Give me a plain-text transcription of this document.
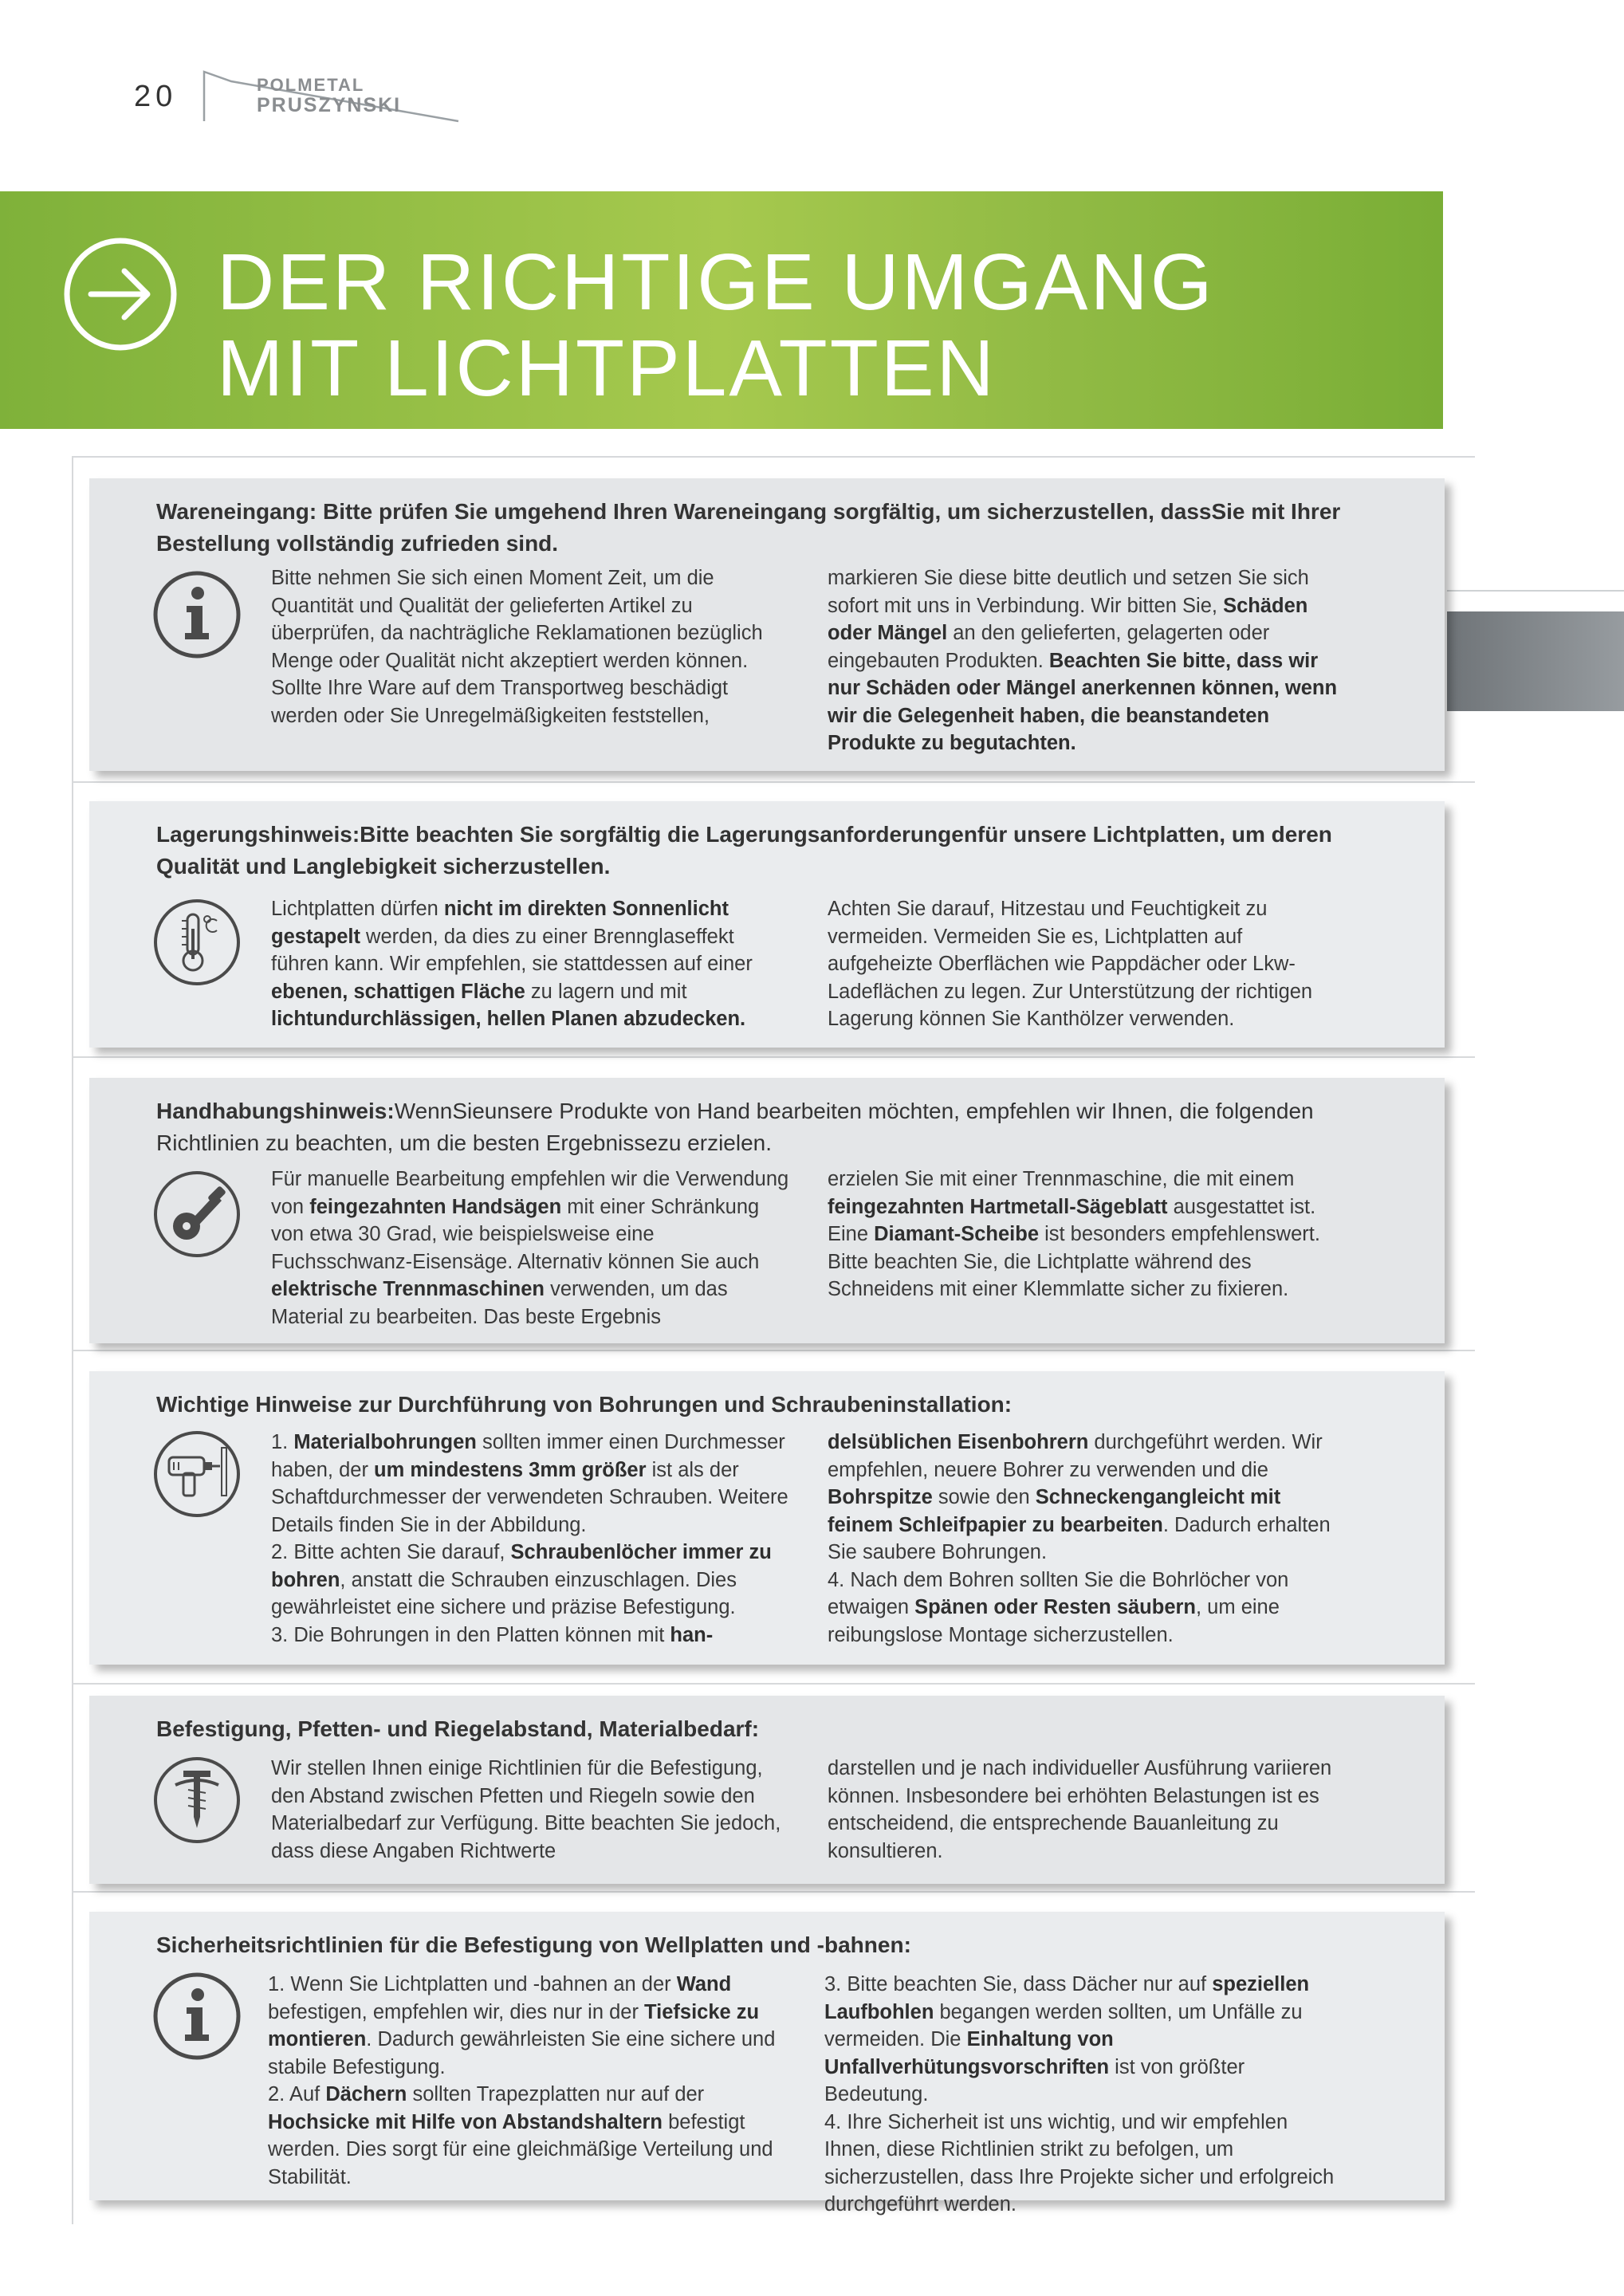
20	POLMETAL
PRUSZYNSKI
DER RICHTIGE UMGANG
MIT LICHTPLATTEN

Wareneingang: Bitte prüfen Sie umgehend Ihren Wareneingang sorgfältig, um sicherzustellen, dassSie mit Ihrer Bestellung vollständig zufrieden sind.

Bitte nehmen Sie sich einen Moment Zeit, um die Quantität und Qualität der gelieferten Artikel zu überprüfen, da nachträgliche Reklamationen bezüglich Menge oder Qualität nicht akzeptiert werden können.

Sollte Ihre Ware auf dem Transportweg beschädigt werden oder Sie Unregelmäßigkeiten feststellen,

markieren Sie diese bitte deutlich und setzen Sie sich sofort mit uns in Verbindung. Wir bitten Sie, Schäden oder Mängel an den gelieferten, gelagerten oder eingebauten Produkten. Beachten Sie bitte, dass wir nur Schäden oder Mängel anerkennen können, wenn wir die Gelegenheit haben, die beanstandeten Produkte zu begutachten.

Lagerungshinweis:Bitte beachten Sie sorgfältig die Lagerungsanforderungenfür unsere Lichtplatten, um deren Qualität und Langlebigkeit sicherzustellen.

Lichtplatten dürfen nicht im direkten Sonnenlicht gestapelt werden, da dies zu einer Brennglaseffekt führen kann. Wir empfehlen, sie stattdessen auf einer ebenen, schattigen Fläche zu lagern und mit lichtundurchlässigen, hellen Planen abzudecken.

Achten Sie darauf, Hitzestau und Feuchtigkeit zu vermeiden. Vermeiden Sie es, Lichtplatten auf aufgeheizte Oberflächen wie Pappdächer oder Lkw-Ladeflächen zu legen. Zur Unterstützung der richtigen Lagerung können Sie Kanthölzer verwenden.

Handhabungshinweis:WennSieunsere Produkte von Hand bearbeiten möchten, empfehlen wir Ihnen, die folgenden Richtlinien zu beachten, um die besten Ergebnissezu erzielen.

Für manuelle Bearbeitung empfehlen wir die Verwendung von feingezahnten Handsägen mit einer Schränkung von etwa 30 Grad, wie beispielsweise eine Fuchsschwanz-Eisensäge. Alternativ können Sie auch elektrische Trennmaschinen verwenden, um das Material zu bearbeiten. Das beste Ergebnis

erzielen Sie mit einer Trennmaschine, die mit einem feingezahnten Hartmetall-Sägeblatt ausgestattet ist. Eine Diamant-Scheibe ist besonders empfehlenswert. Bitte beachten Sie, die Lichtplatte während des Schneidens mit einer Klemmlatte sicher zu fixieren.

Wichtige Hinweise zur Durchführung von Bohrungen und Schraubeninstallation:

1. Materialbohrungen sollten immer einen Durchmesser haben, der um mindestens 3mm größer ist als der Schaftdurchmesser der verwendeten Schrauben. Weitere Details finden Sie in der Abbildung.

2. Bitte achten Sie darauf, Schraubenlöcher immer zu bohren, anstatt die Schrauben einzuschlagen. Dies gewährleistet eine sichere und präzise Befestigung.

3. Die Bohrungen in den Platten können mit han-

delsüblichen Eisenbohrern durchgeführt werden. Wir empfehlen, neuere Bohrer zu verwenden und die Bohrspitze sowie den Schneckengangleicht mit feinem Schleifpapier zu bearbeiten. Dadurch erhalten Sie saubere Bohrungen.

4. Nach dem Bohren sollten Sie die Bohrlöcher von etwaigen Spänen oder Resten säubern, um eine reibungslose Montage sicherzustellen.

Befestigung, Pfetten- und Riegelabstand, Materialbedarf:

Wir stellen Ihnen einige Richtlinien für die Befestigung, den Abstand zwischen Pfetten und Riegeln sowie den Materialbedarf zur Verfügung. Bitte beachten Sie jedoch, dass diese Angaben Richtwerte

darstellen und je nach individueller Ausführung variieren können. Insbesondere bei erhöhten Belastungen ist es entscheidend, die entsprechende Bauanleitung zu konsultieren.

Sicherheitsrichtlinien für die Befestigung von Wellplatten und -bahnen:

1. Wenn Sie Lichtplatten und -bahnen an der Wand befestigen, empfehlen wir, dies nur in der Tiefsicke zu montieren. Dadurch gewährleisten Sie eine sichere und stabile Befestigung.

2. Auf Dächern sollten Trapezplatten nur auf der Hochsicke mit Hilfe von Abstandshaltern befestigt werden. Dies sorgt für eine gleichmäßige Verteilung und Stabilität.

3. Bitte beachten Sie, dass Dächer nur auf speziellen Laufbohlen begangen werden sollten, um Unfälle zu vermeiden. Die Einhaltung von Unfallverhütungsvorschriften ist von größter Bedeutung.

4. Ihre Sicherheit ist uns wichtig, und wir empfehlen Ihnen, diese Richtlinien strikt zu befolgen, um sicherzustellen, dass Ihre Projekte sicher und erfolgreich durchgeführt werden.
